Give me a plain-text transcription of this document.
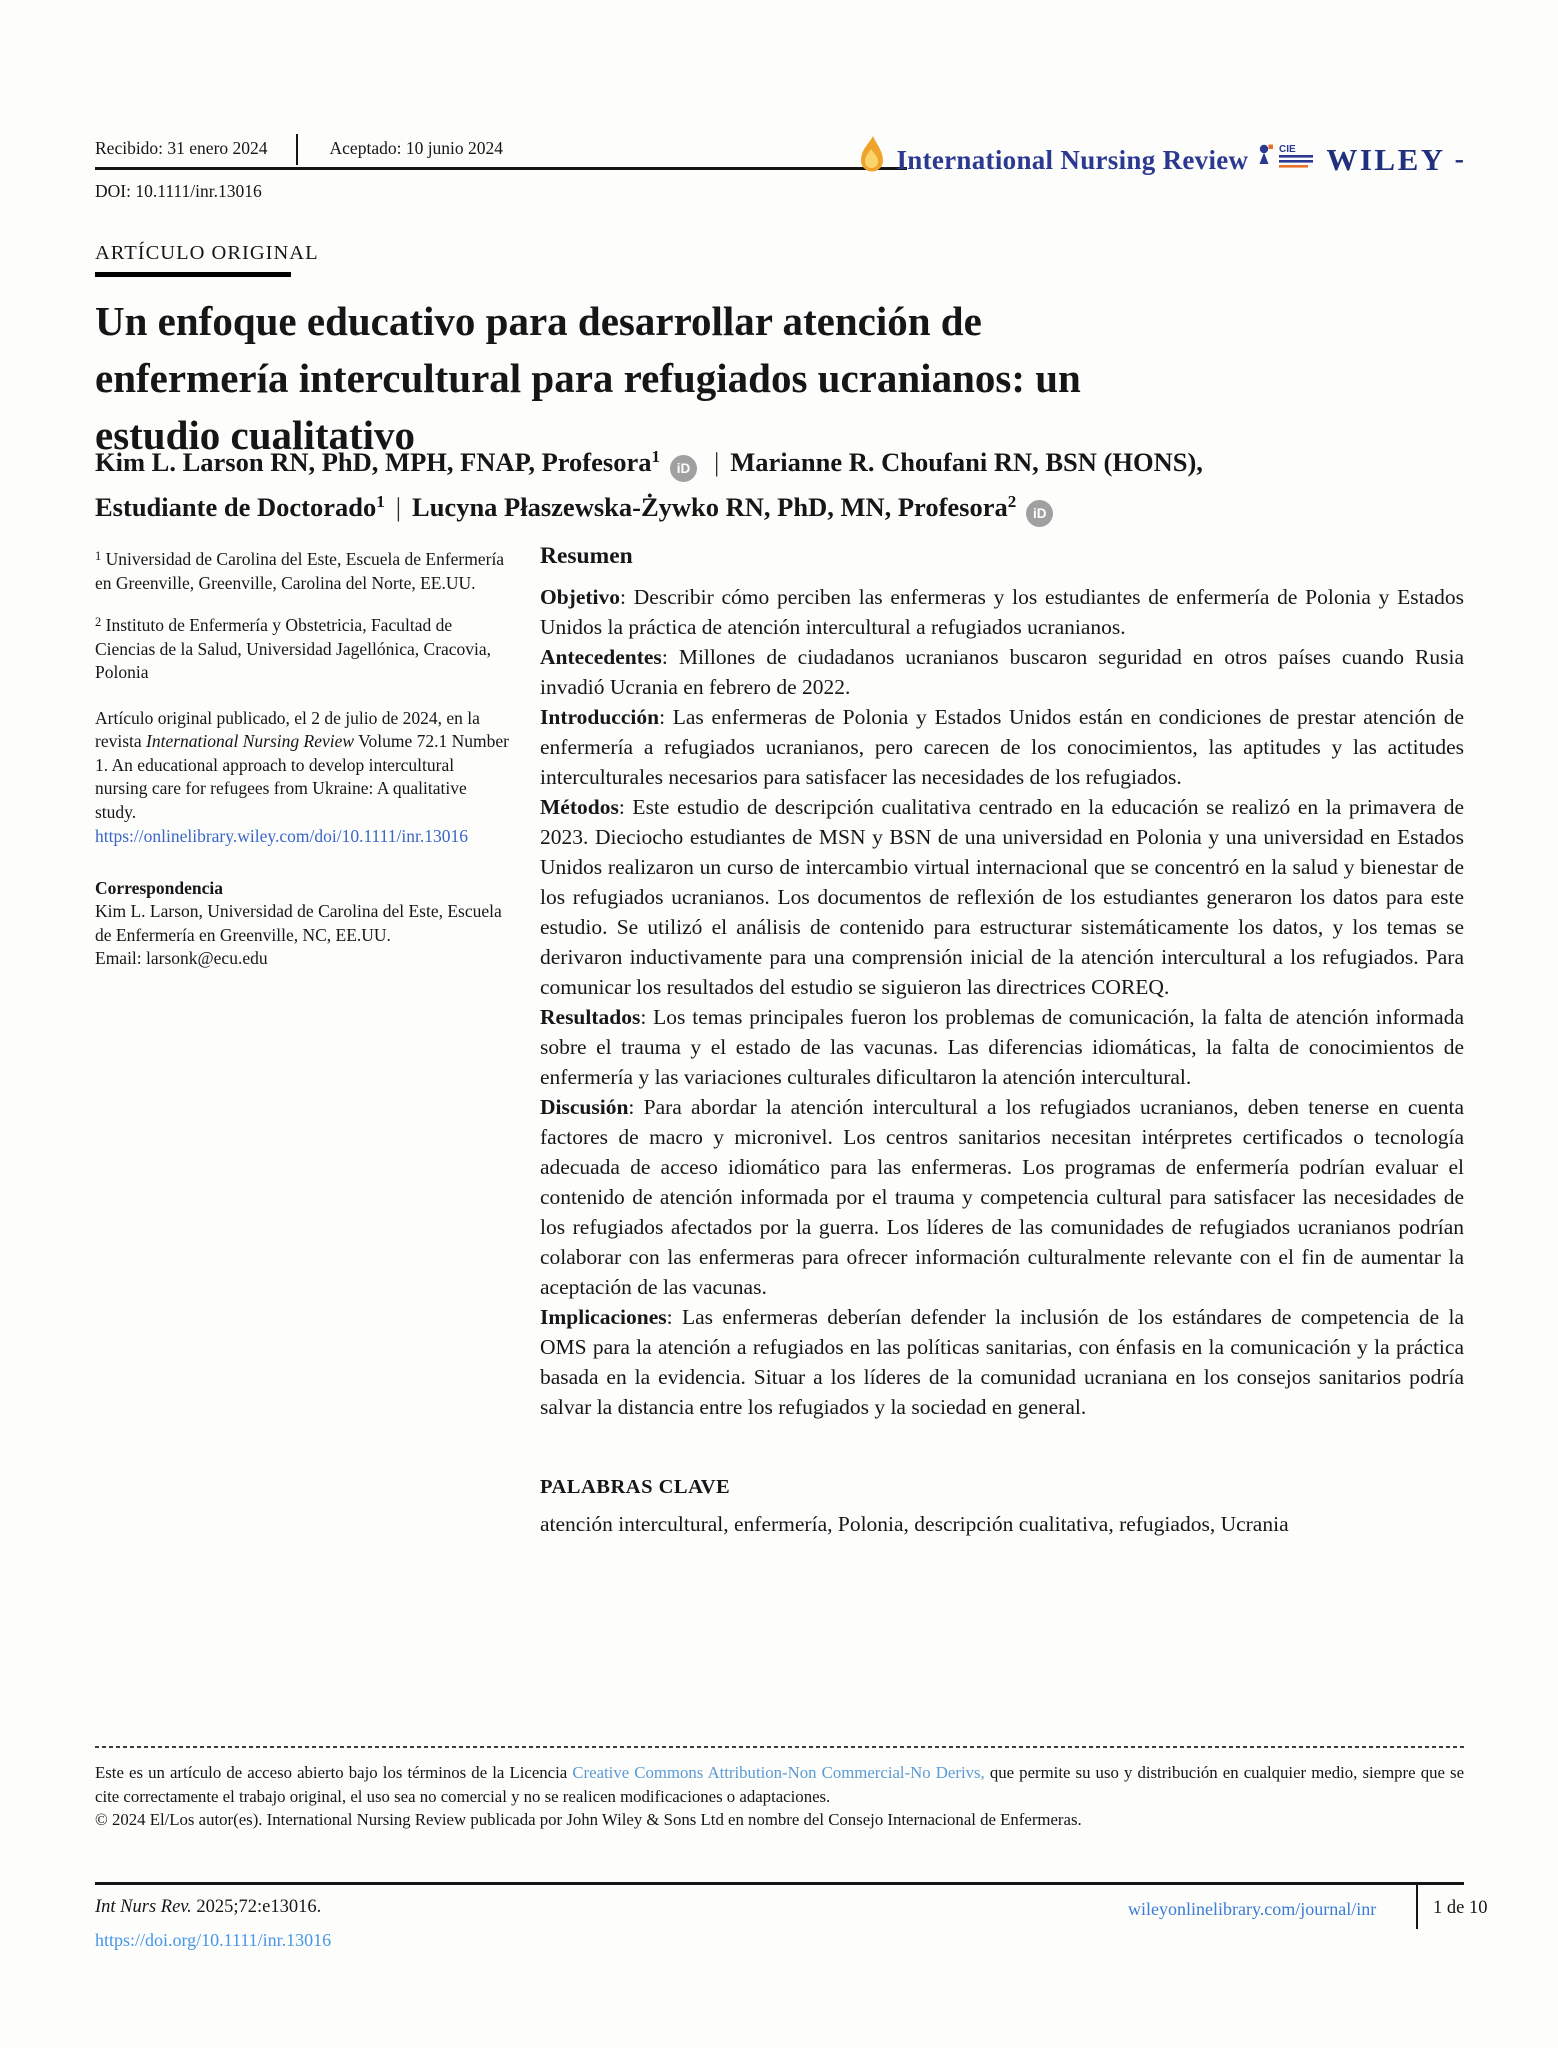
Recibido: 31 enero 2024	Aceptado: 10 junio 2024
DOI: 10.1111/inr.13016
International Nursing Review	CIE WILEY -
ARTÍCULO ORIGINAL
Un enfoque educativo para desarrollar atención de enfermería intercultural para refugiados ucranianos: un estudio cualitativo
Kim L. Larson RN, PhD, MPH, FNAP, Profesora$^1$iD | Marianne R. Choufani RN, BSN (HONS), Estudiante de Doctorado$^1$ | Lucyna Płaszewska-Żywko RN, PhD, MN, Profesora$^2$iD
$^1$ Universidad de Carolina del Este, Escuela de Enfermería en Greenville, Greenville, Carolina del Norte, EE.UU.
$^2$ Instituto de Enfermería y Obstetricia, Facultad de Ciencias de la Salud, Universidad Jagellónica, Cracovia, Polonia
Artículo original publicado, el 2 de julio de 2024, en la revista International Nursing Review Volume 72.1 Number 1. An educational approach to develop intercultural nursing care for refugees from Ukraine: A qualitative study.
https://onlinelibrary.wiley.com/doi/10.1111/inr.13016
Correspondencia
Kim L. Larson, Universidad de Carolina del Este, Escuela de Enfermería en Greenville, NC, EE.UU.
Email: larsonk@ecu.edu
Resumen

Objetivo: Describir cómo perciben las enfermeras y los estudiantes de enfermería de Polonia y Estados Unidos la práctica de atención intercultural a refugiados ucranianos.

Antecedentes: Millones de ciudadanos ucranianos buscaron seguridad en otros países cuando Rusia invadió Ucrania en febrero de 2022.

Introducción: Las enfermeras de Polonia y Estados Unidos están en condiciones de prestar atención de enfermería a refugiados ucranianos, pero carecen de los conocimientos, las aptitudes y las actitudes interculturales necesarios para satisfacer las necesidades de los refugiados.

Métodos: Este estudio de descripción cualitativa centrado en la educación se realizó en la primavera de 2023. Dieciocho estudiantes de MSN y BSN de una universidad en Polonia y una universidad en Estados Unidos realizaron un curso de intercambio virtual internacional que se concentró en la salud y bienestar de los refugiados ucranianos. Los documentos de reflexión de los estudiantes generaron los datos para este estudio. Se utilizó el análisis de contenido para estructurar sistemáticamente los datos, y los temas se derivaron inductivamente para una comprensión inicial de la atención intercultural a los refugiados. Para comunicar los resultados del estudio se siguieron las directrices COREQ.

Resultados: Los temas principales fueron los problemas de comunicación, la falta de atención informada sobre el trauma y el estado de las vacunas. Las diferencias idiomáticas, la falta de conocimientos de enfermería y las variaciones culturales dificultaron la atención intercultural.

Discusión: Para abordar la atención intercultural a los refugiados ucranianos, deben tenerse en cuenta factores de macro y micronivel. Los centros sanitarios necesitan intérpretes certificados o tecnología adecuada de acceso idiomático para las enfermeras. Los programas de enfermería podrían evaluar el contenido de atención informada por el trauma y competencia cultural para satisfacer las necesidades de los refugiados afectados por la guerra. Los líderes de las comunidades de refugiados ucranianos podrían colaborar con las enfermeras para ofrecer información culturalmente relevante con el fin de aumentar la aceptación de las vacunas.

Implicaciones: Las enfermeras deberían defender la inclusión de los estándares de competencia de la OMS para la atención a refugiados en las políticas sanitarias, con énfasis en la comunicación y la práctica basada en la evidencia. Situar a los líderes de la comunidad ucraniana en los consejos sanitarios podría salvar la distancia entre los refugiados y la sociedad en general.

PALABRAS CLAVE

atención intercultural, enfermería, Polonia, descripción cualitativa, refugiados, Ucrania

Este es un artículo de acceso abierto bajo los términos de la Licencia Creative Commons Attribution-Non Commercial-No Derivs, que permite su uso y distribución en cualquier medio, siempre que se cite correctamente el trabajo original, el uso sea no comercial y no se realicen modificaciones o adaptaciones.
© 2024 El/Los autor(es). International Nursing Review publicada por John Wiley & Sons Ltd en nombre del Consejo Internacional de Enfermeras.
Int Nurs Rev. 2025;72:e13016.	wileyonlinelibrary.com/journal/inr	1 de 10
https://doi.org/10.1111/inr.13016
